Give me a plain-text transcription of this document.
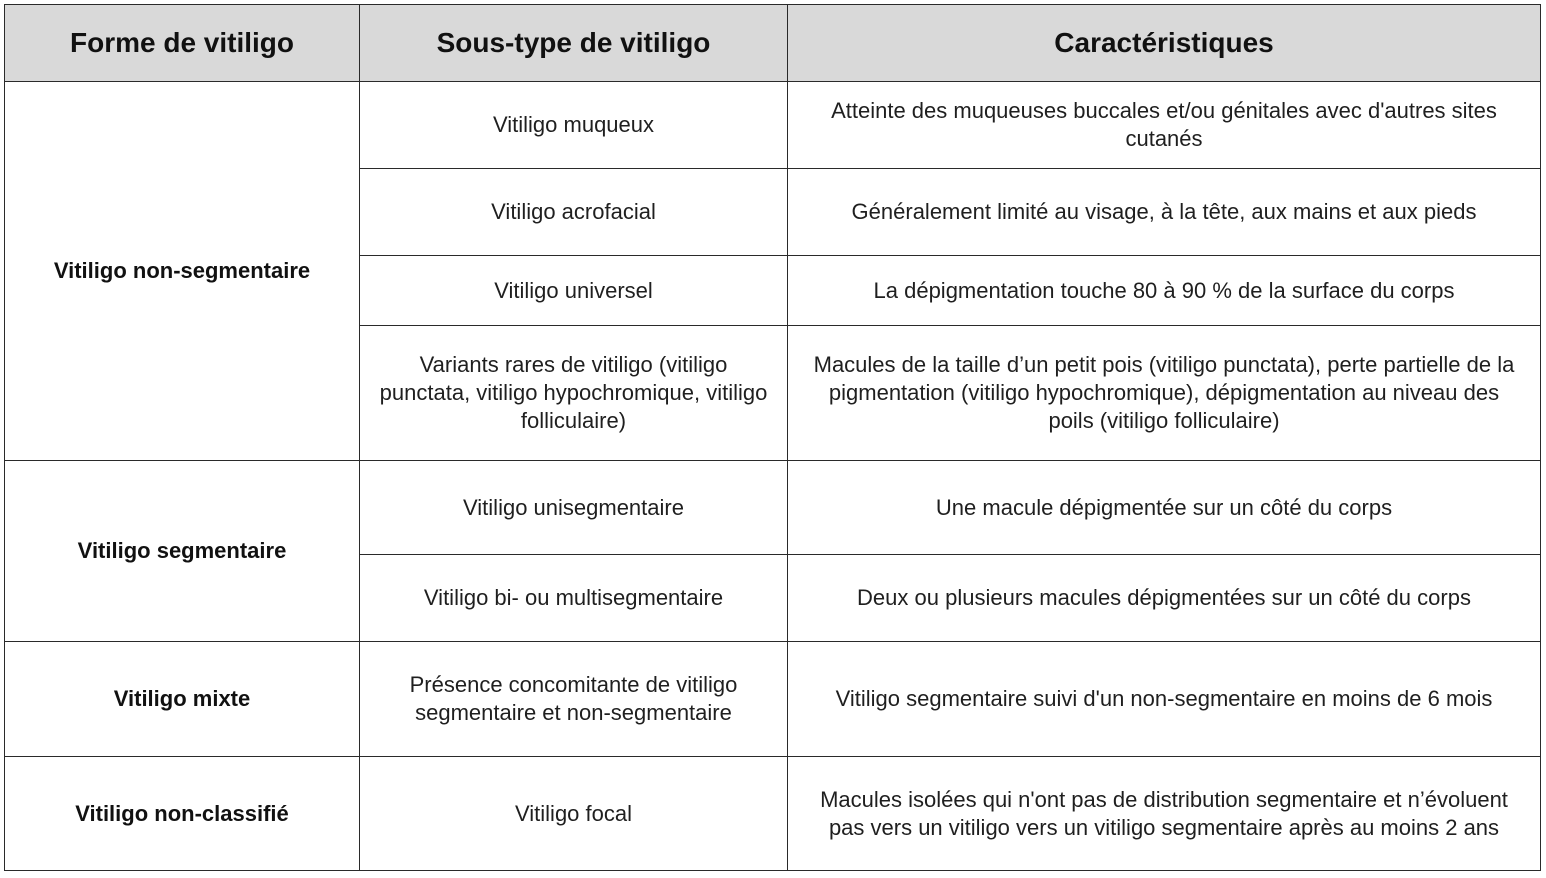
Forme de vitiligo	Sous-type de vitiligo	Caractéristiques
Vitiligo non-segmentaire	Vitiligo muqueux	Atteinte des muqueuses buccales et/ou génitales avec d'autres sites cutanés
	Vitiligo acrofacial	Généralement limité au visage, à la tête, aux mains et aux pieds
	Vitiligo universel	La dépigmentation touche 80 à 90 % de la surface du corps
	Variants rares de vitiligo (vitiligo punctata, vitiligo hypochromique, vitiligo folliculaire)	Macules de la taille d’un petit pois (vitiligo punctata), perte partielle de la pigmentation (vitiligo hypochromique), dépigmentation au niveau des poils (vitiligo folliculaire)
Vitiligo segmentaire	Vitiligo unisegmentaire	Une macule dépigmentée sur un côté du corps
	Vitiligo bi- ou multisegmentaire	Deux ou plusieurs macules dépigmentées sur un côté du corps
Vitiligo mixte	Présence concomitante de vitiligo segmentaire et non-segmentaire	Vitiligo segmentaire suivi d'un non-segmentaire en moins de 6 mois
Vitiligo non-classifié	Vitiligo focal	Macules isolées qui n'ont pas de distribution segmentaire et n’évoluent pas vers un vitiligo vers un vitiligo segmentaire après au moins 2 ans
